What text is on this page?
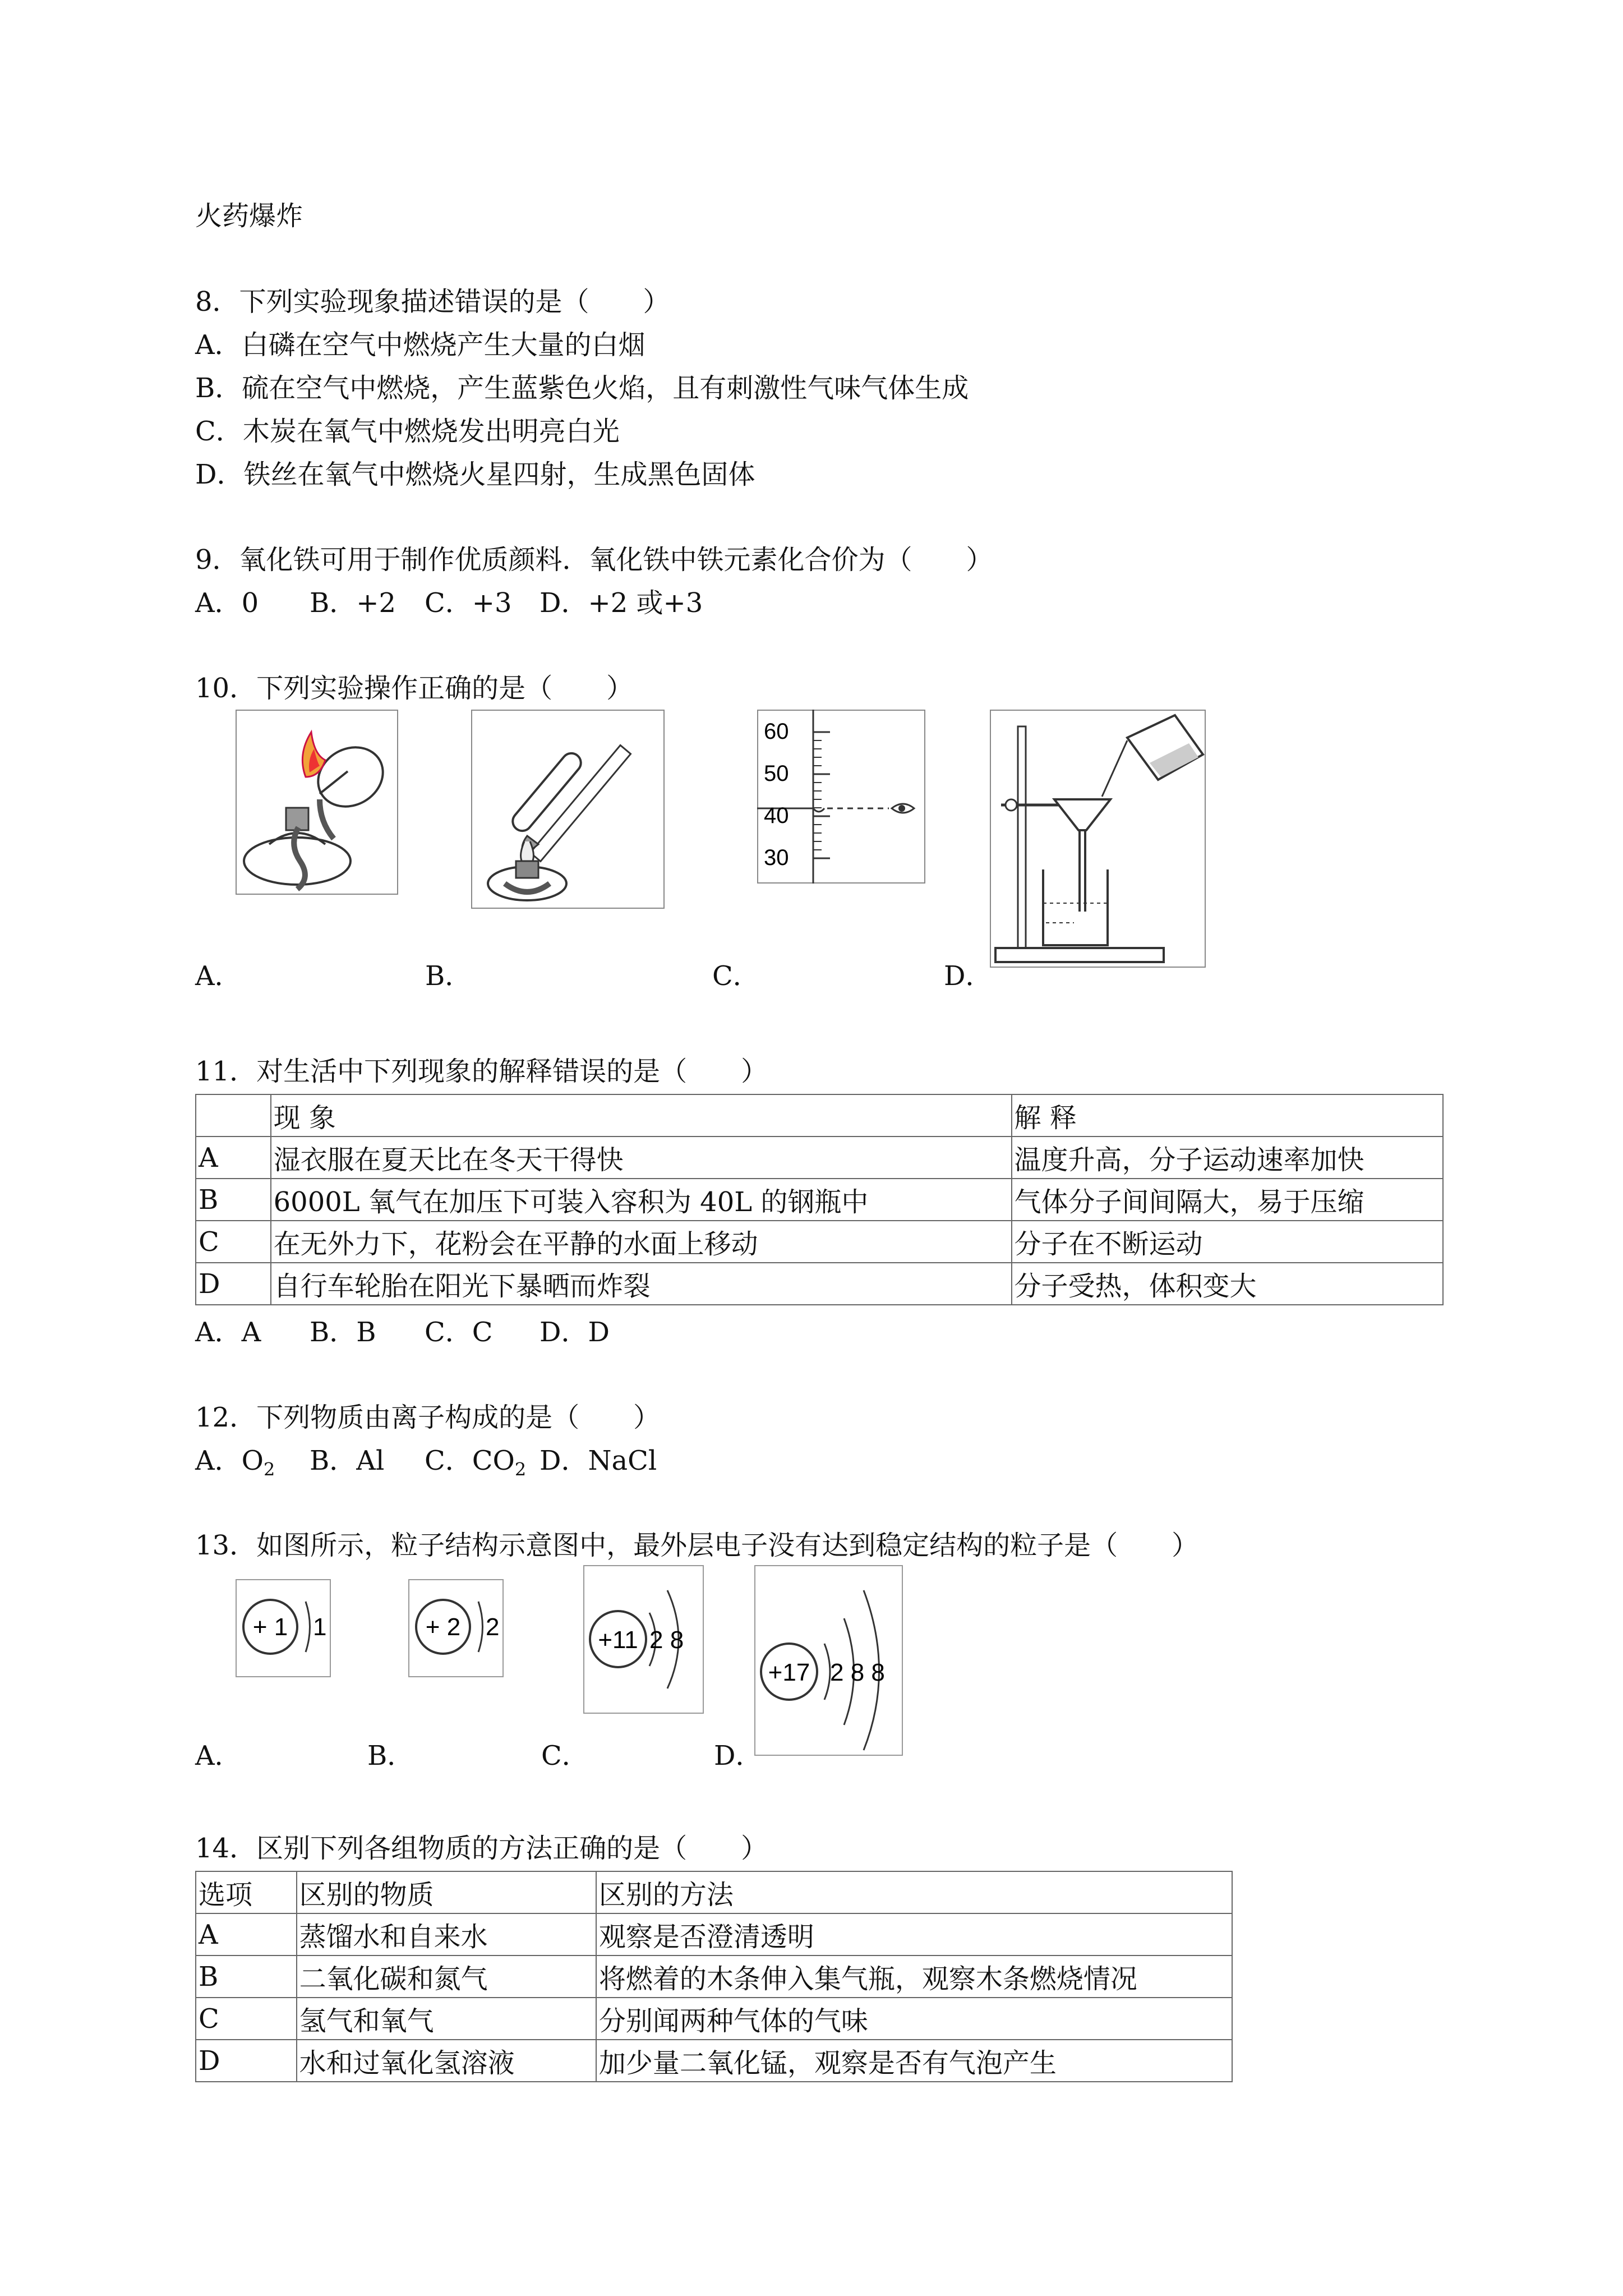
火药爆炸
8．下列实验现象描述错误的是（　　）
A．白磷在空气中燃烧产生大量的白烟
B．硫在空气中燃烧，产生蓝紫色火焰，且有刺激性气味气体生成
C．木炭在氧气中燃烧发出明亮白光
D．铁丝在氧气中燃烧火星四射，生成黑色固体
9．氧化铁可用于制作优质颜料．氧化铁中铁元素化合价为（　　）
A．0 B．+2 C．+3 D．+2 或+3
10．下列实验操作正确的是（　　）
60
50
40
30
A．	B．	C．	D．
11．对生活中下列现象的解释错误的是（　　）
	现 象	解 释
A	湿衣服在夏天比在冬天干得快	温度升高，分子运动速率加快
B	6000L 氧气在加压下可装入容积为 40L 的钢瓶中	气体分子间间隔大，易于压缩
C	在无外力下，花粉会在平静的水面上移动	分子在不断运动
D	自行车轮胎在阳光下暴晒而炸裂	分子受热，体积变大
A．A B．B C．C D．D
12．下列物质由离子构成的是（　　）
A．$O_2$ B．Al C．$CO_2$ D．NaCl
13．如图所示，粒子结构示意图中，最外层电子没有达到稳定结构的粒子是（　　）
+ 1 1	+ 2 2	+11 2 8
+17 2 8 8
A．	B．	C．	D．
14．区别下列各组物质的方法正确的是（　　）
选项	区别的物质	区别的方法
A	蒸馏水和自来水	观察是否澄清透明
B	二氧化碳和氮气	将燃着的木条伸入集气瓶，观察木条燃烧情况
C	氢气和氧气	分别闻两种气体的气味
D	水和过氧化氢溶液	加少量二氧化锰，观察是否有气泡产生
